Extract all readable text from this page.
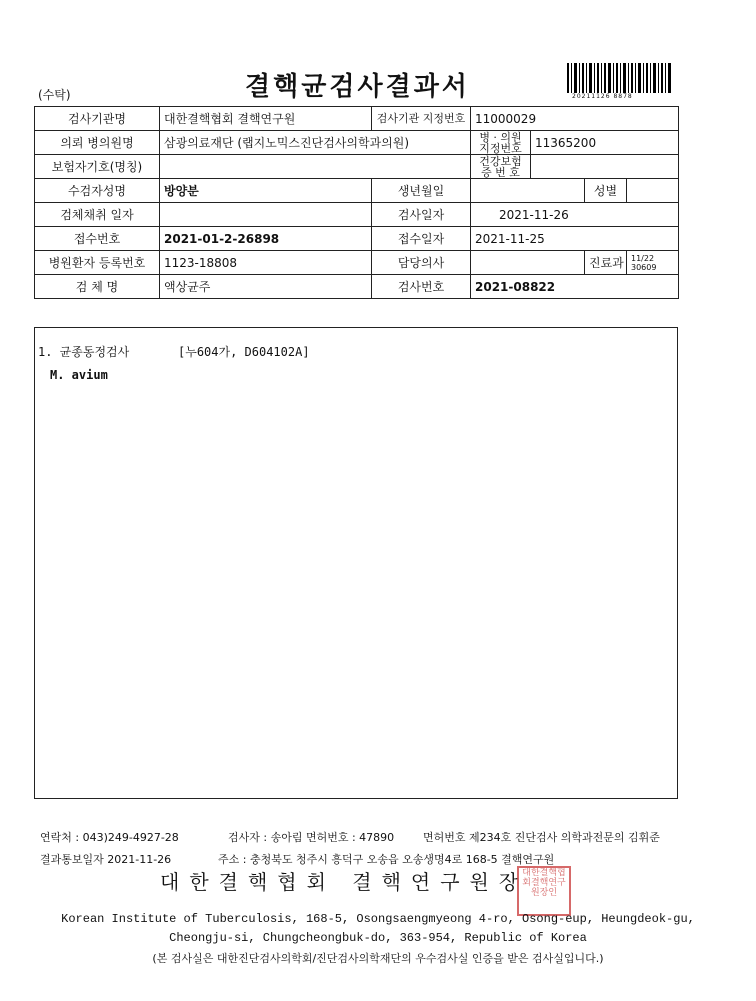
(수탁)	결핵균검사결과서	20211126 8878
검사기관명	대한결핵협회 결핵연구원	검사기관 지정번호	11000029			
의뢰 병의원명	삼광의료재단 (랩지노믹스진단검사의학과의원)		병 · 의원 지정번호	11365200		
보험자기호(명칭)			건강보험 증 번 호			
수검자성명	방양분	생년월일			성별	
검체채취 일자		검사일자	2021-11-26			
접수번호	2021-01-2-26898	접수일자	2021-11-25			
병원환자 등록번호	1123-18808	담당의사			진료과	11/22
30609

검 체 명	액상균주	검사번호	2021-08822			
1. 균종동정검사	[누604가, D604102A]
M. avium
연락처 : 043)249-4927-28	검사자 : 송아림 면허번호 : 47890	면허번호 제234호 진단검사 의학과전문의 김휘준
결과통보일자 2021-11-26	주소 : 충청북도 청주시 흥덕구 오송읍 오송생명4로 168-5 결핵연구원
대한결핵협회 결핵연구원장
대한결핵협회결핵연구원장인
Korean Institute of Tuberculosis, 168-5, Osongsaengmyeong 4-ro, Osong-eup, Heungdeok-gu,
Cheongju-si, Chungcheongbuk-do, 363-954, Republic of Korea
(본 검사실은 대한진단검사의학회/진단검사의학재단의 우수검사실 인증을 받은 검사실입니다.)
